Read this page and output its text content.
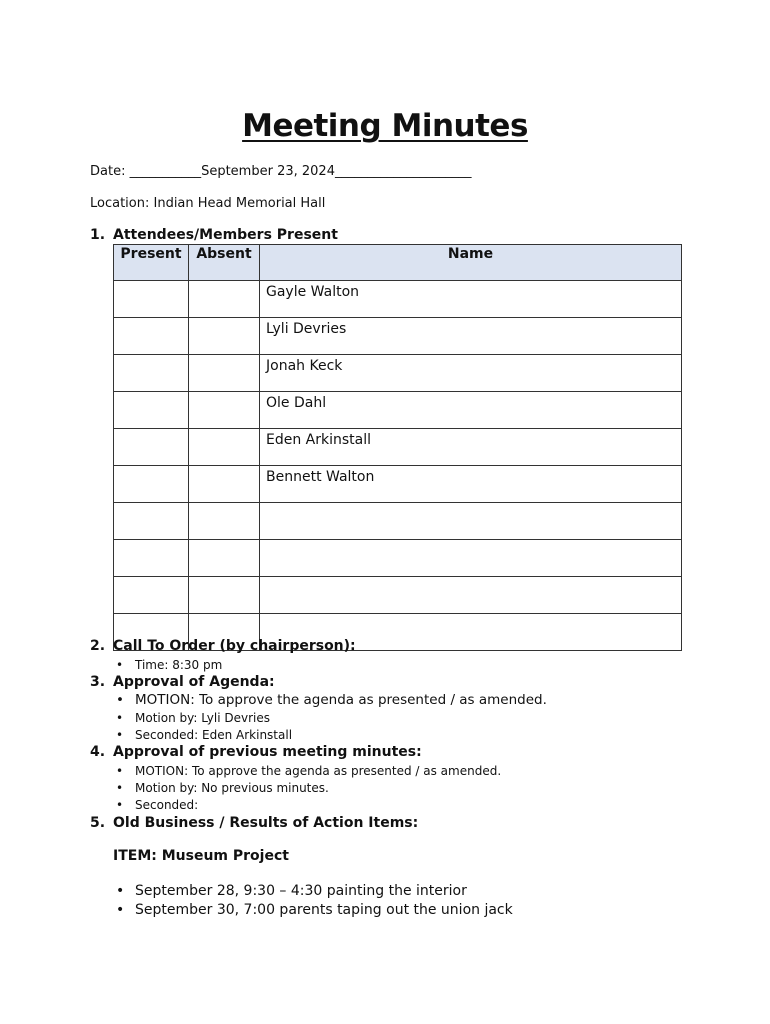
Meeting Minutes
Date: ___________September 23, 2024_____________________
Location: Indian Head Memorial Hall
1. Attendees/Members Present
Present	Absent	Name
		Gayle Walton
		Lyli Devries
		Jonah Keck
		Ole Dahl
		Eden Arkinstall
		Bennett Walton

2. Call To Order (by chairperson):
• Time: 8:30 pm
3. Approval of Agenda:
• MOTION: To approve the agenda as presented / as amended.
• Motion by: Lyli Devries
• Seconded: Eden Arkinstall
4. Approval of previous meeting minutes:
• MOTION: To approve the agenda as presented / as amended.
• Motion by: No previous minutes.
• Seconded:
5. Old Business / Results of Action Items:
ITEM: Museum Project
• September 28, 9:30 – 4:30 painting the interior
• September 30, 7:00 parents taping out the union jack
